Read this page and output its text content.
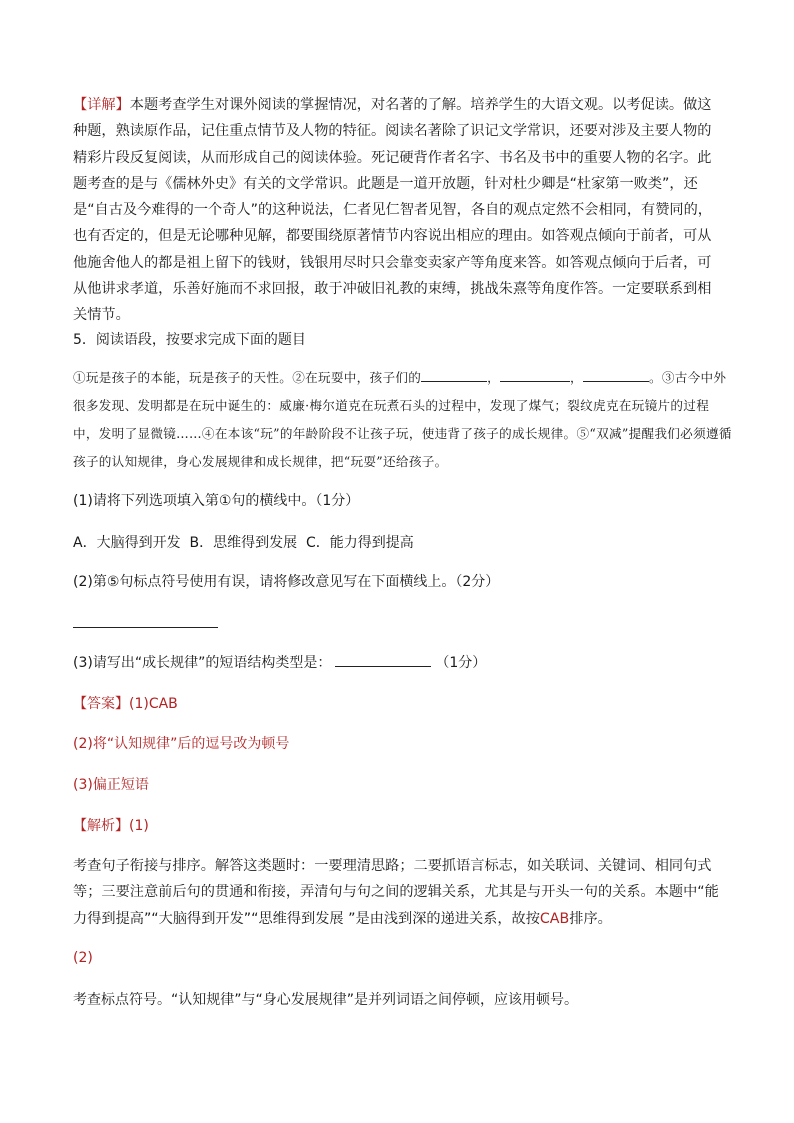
【详解】本题考查学生对课外阅读的掌握情况，对名著的了解。培养学生的大语文观。以考促读。做这种题，熟读原作品，记住重点情节及人物的特征。阅读名著除了识记文学常识，还要对涉及主要人物的精彩片段反复阅读，从而形成自己的阅读体验。死记硬背作者名字、书名及书中的重要人物的名字。此题考查的是与《儒林外史》有关的文学常识。此题是一道开放题，针对杜少卿是“杜家第一败类”，还是“自古及今难得的一个奇人”的这种说法，仁者见仁智者见智，各自的观点定然不会相同，有赞同的，也有否定的，但是无论哪种见解，都要围绕原著情节内容说出相应的理由。如答观点倾向于前者，可从他施舍他人的都是祖上留下的钱财，钱银用尽时只会靠变卖家产等角度来答。如答观点倾向于后者，可从他讲求孝道，乐善好施而不求回报，敢于冲破旧礼教的束缚，挑战朱熹等角度作答。一定要联系到相关情节。

5．阅读语段，按要求完成下面的题目

①玩是孩子的本能，玩是孩子的天性。②在玩耍中，孩子们的	，	，	。③古今中外很多发现、发明都是在玩中诞生的：威廉·梅尔道克在玩煮石头的过程中，发现了煤气；裂纹虎克在玩镜片的过程中，发明了显微镜……④在本该“玩”的年龄阶段不让孩子玩，使违背了孩子的成长规律。⑤“双减”提醒我们必须遵循孩子的认知规律，身心发展规律和成长规律，把“玩耍”还给孩子。

(1)请将下列选项填入第①句的横线中。（1分）

A．大脑得到开发  B．思维得到发展  C．能力得到提高

(2)第⑤句标点符号使用有误，请将修改意见写在下面横线上。（2分）

(3)请写出“成长规律”的短语结构类型是：	（1分）

【答案】(1)CAB

(2)将“认知规律”后的逗号改为顿号

(3)偏正短语

【解析】(1)

考查句子衔接与排序。解答这类题时：一要理清思路；二要抓语言标志，如关联词、关键词、相同句式等；三要注意前后句的贯通和衔接，弄清句与句之间的逻辑关系，尤其是与开头一句的关系。本题中“能力得到提高”“大脑得到开发”“思维得到发展 ”是由浅到深的递进关系，故按CAB排序。

(2)

考查标点符号。“认知规律”与“身心发展规律”是并列词语之间停顿，应该用顿号。
